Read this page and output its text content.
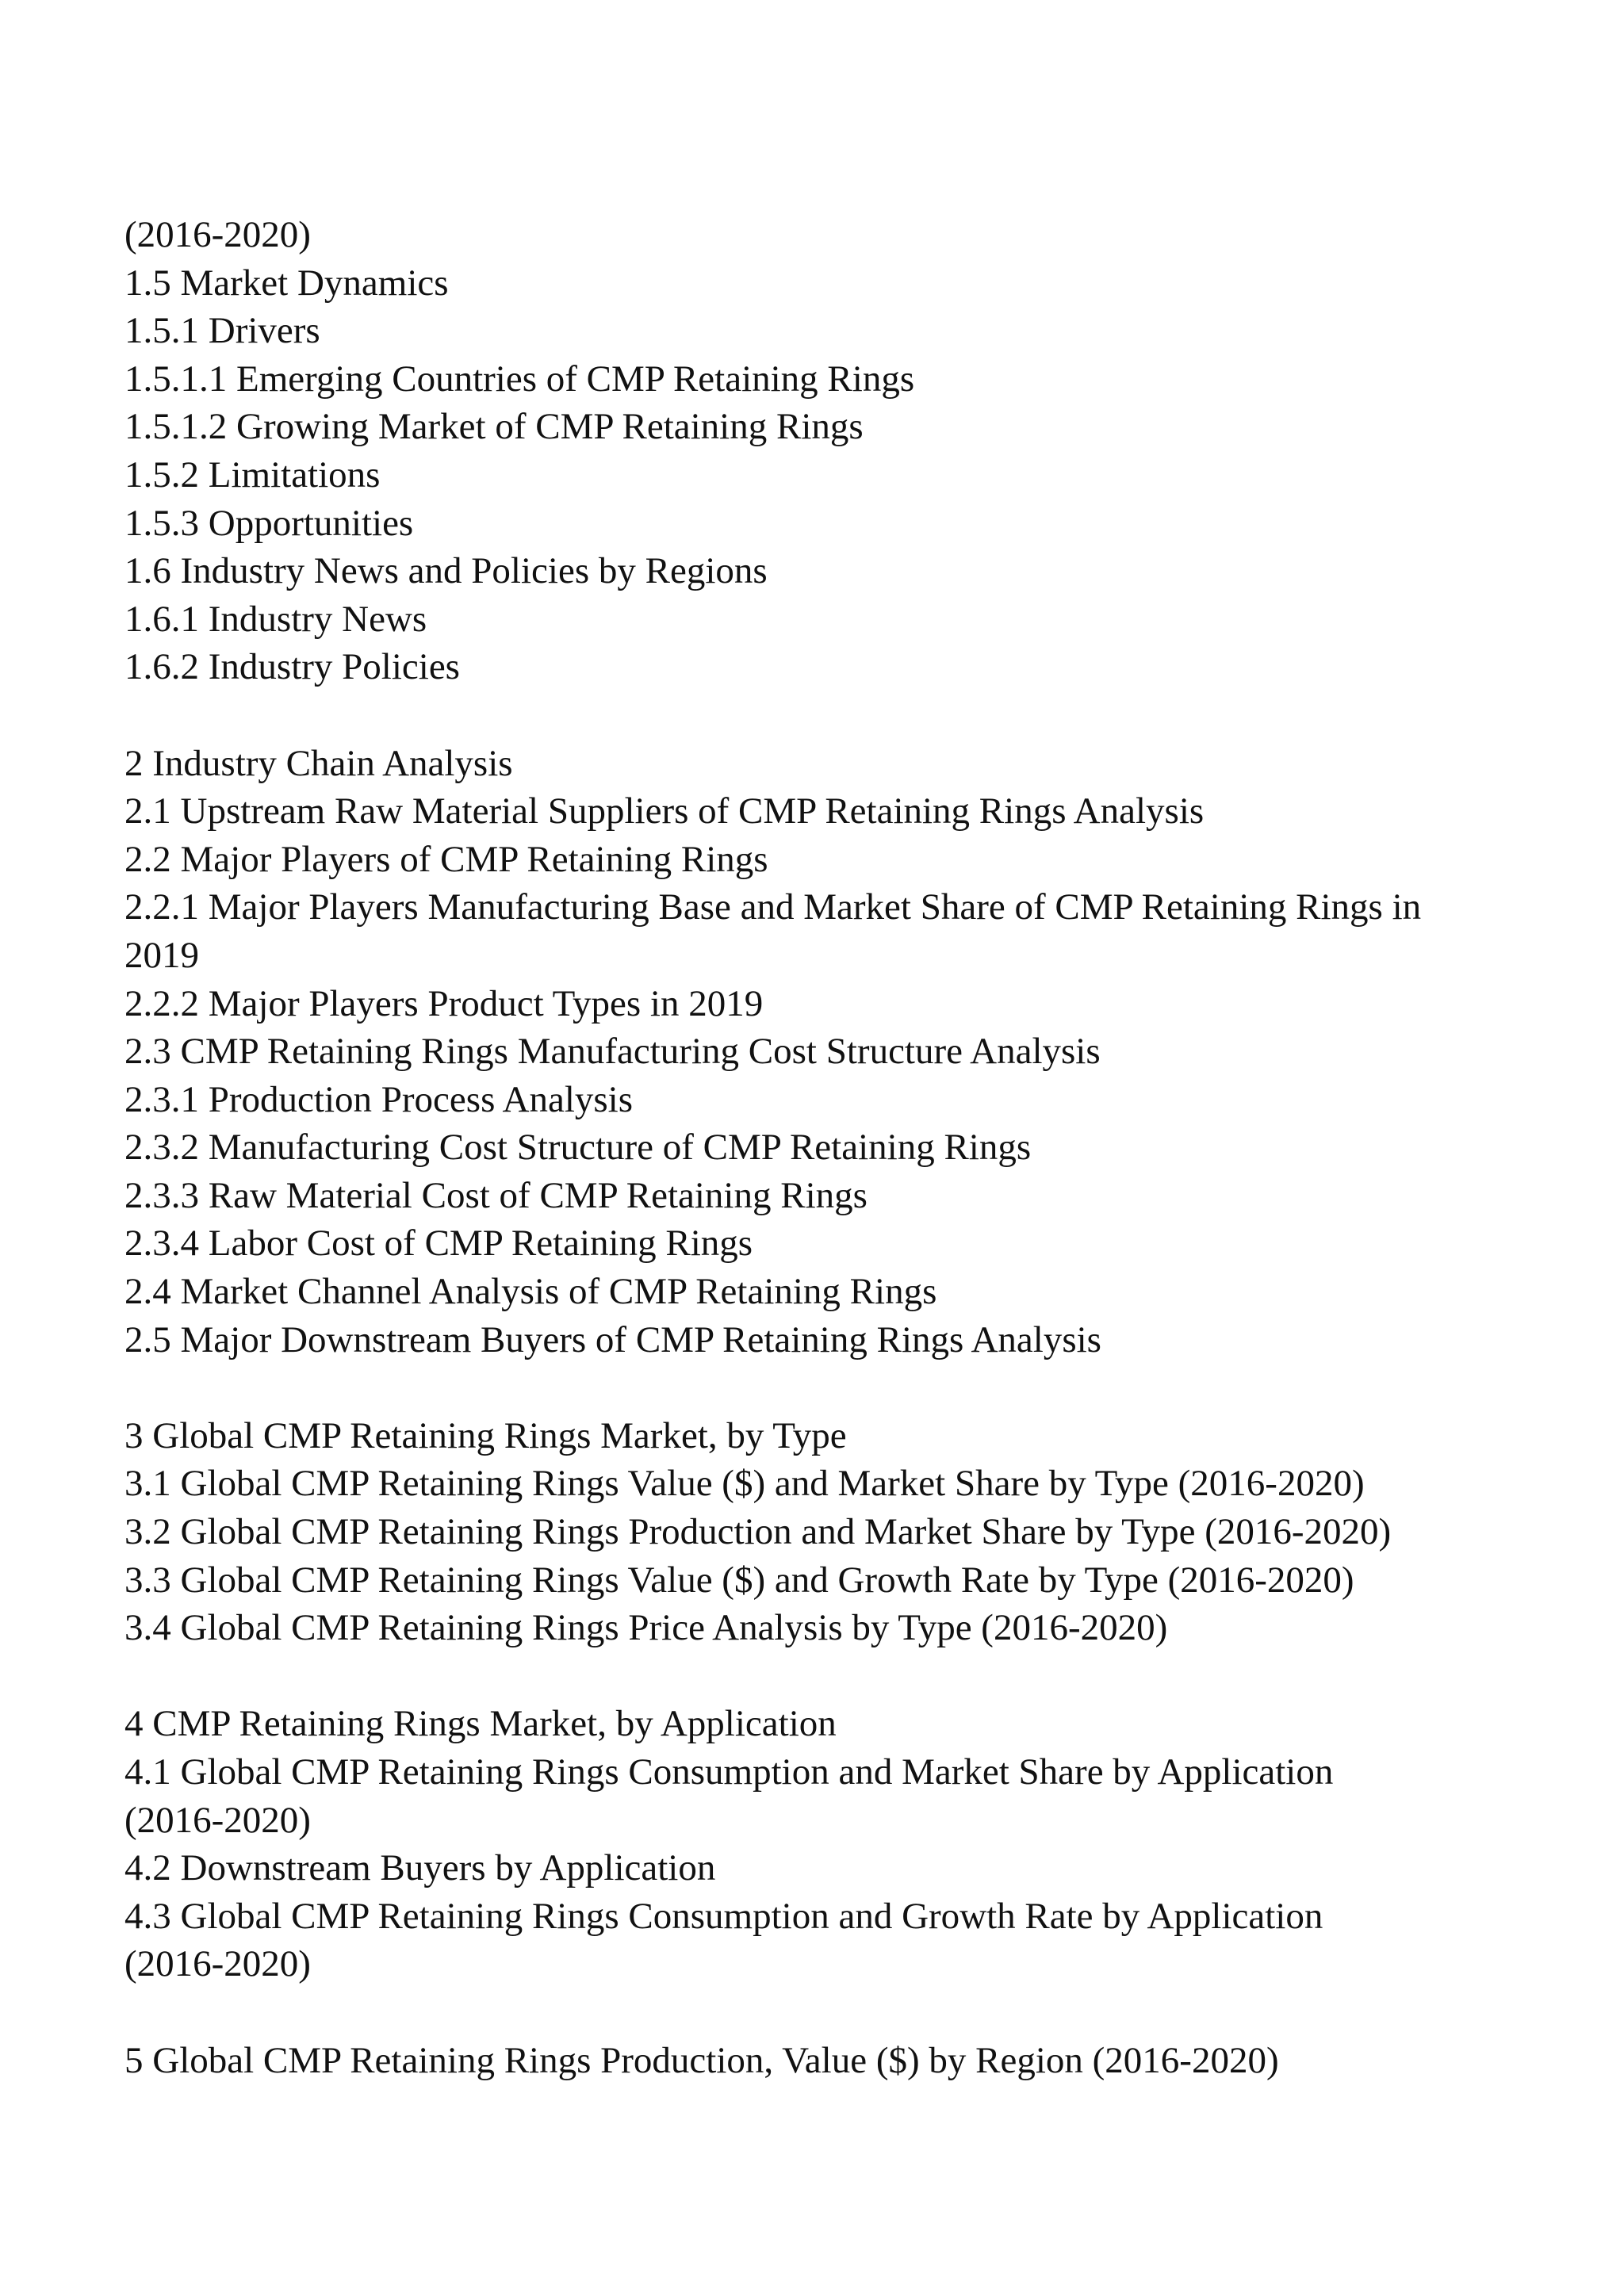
(2016-2020)
1.5 Market Dynamics
1.5.1 Drivers
1.5.1.1 Emerging Countries of CMP Retaining Rings
1.5.1.2 Growing Market of CMP Retaining Rings
1.5.2 Limitations
1.5.3 Opportunities
1.6 Industry News and Policies by Regions
1.6.1 Industry News
1.6.2 Industry Policies
2 Industry Chain Analysis
2.1 Upstream Raw Material Suppliers of CMP Retaining Rings Analysis
2.2 Major Players of CMP Retaining Rings
2.2.1 Major Players Manufacturing Base and Market Share of CMP Retaining Rings in
2019
2.2.2 Major Players Product Types in 2019
2.3 CMP Retaining Rings Manufacturing Cost Structure Analysis
2.3.1 Production Process Analysis
2.3.2 Manufacturing Cost Structure of CMP Retaining Rings
2.3.3 Raw Material Cost of CMP Retaining Rings
2.3.4 Labor Cost of CMP Retaining Rings
2.4 Market Channel Analysis of CMP Retaining Rings
2.5 Major Downstream Buyers of CMP Retaining Rings Analysis
3 Global CMP Retaining Rings Market, by Type
3.1 Global CMP Retaining Rings Value ($) and Market Share by Type (2016-2020)
3.2 Global CMP Retaining Rings Production and Market Share by Type (2016-2020)
3.3 Global CMP Retaining Rings Value ($) and Growth Rate by Type (2016-2020)
3.4 Global CMP Retaining Rings Price Analysis by Type (2016-2020)
4 CMP Retaining Rings Market, by Application
4.1 Global CMP Retaining Rings Consumption and Market Share by Application
(2016-2020)
4.2 Downstream Buyers by Application
4.3 Global CMP Retaining Rings Consumption and Growth Rate by Application
(2016-2020)
5 Global CMP Retaining Rings Production, Value ($) by Region (2016-2020)
